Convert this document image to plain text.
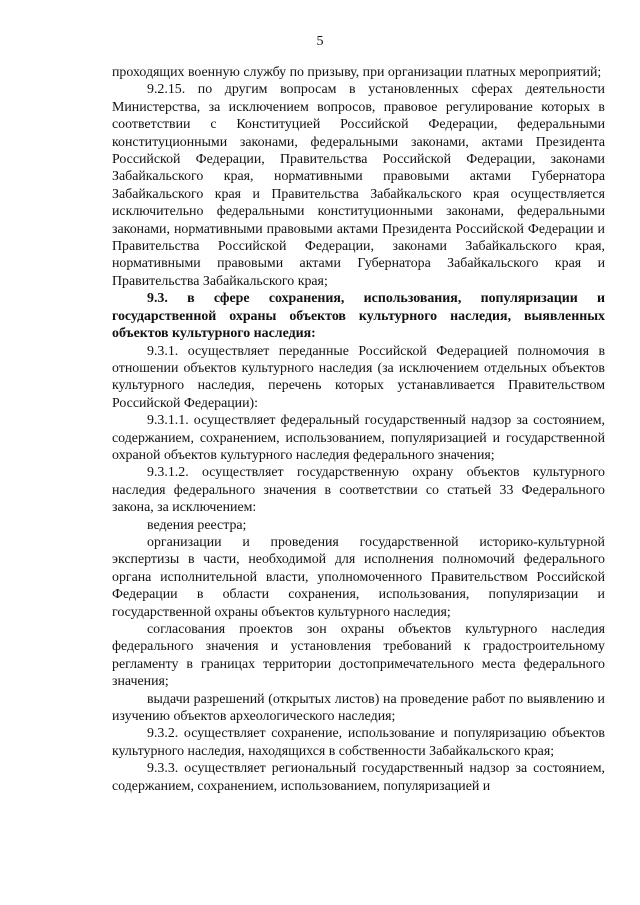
5

проходящих военную службу по призыву, при организации платных мероприятий;

9.2.15. по другим вопросам в установленных сферах деятельности Министерства, за исключением вопросов, правовое регулирование которых в соответствии с Конституцией Российской Федерации, федеральными конституционными законами, федеральными законами, актами Президента Российской Федерации, Правительства Российской Федерации, законами Забайкальского края, нормативными правовыми актами Губернатора Забайкальского края и Правительства Забайкальского края осуществляется исключительно федеральными конституционными законами, федеральными законами, нормативными правовыми актами Президента Российской Федерации и Правительства Российской Федерации, законами Забайкальского края, нормативными правовыми актами Губернатора Забайкальского края и Правительства Забайкальского края;

9.3. в сфере сохранения, использования, популяризации и государственной охраны объектов культурного наследия, выявленных объектов культурного наследия:

9.3.1. осуществляет переданные Российской Федерацией полномочия в отношении объектов культурного наследия (за исключением отдельных объектов культурного наследия, перечень которых устанавливается Правительством Российской Федерации):

9.3.1.1. осуществляет федеральный государственный надзор за состоянием, содержанием, сохранением, использованием, популяризацией и государственной охраной объектов культурного наследия федерального значения;

9.3.1.2. осуществляет государственную охрану объектов культурного наследия федерального значения в соответствии со статьей 33 Федерального закона, за исключением:

ведения реестра;

организации и проведения государственной историко-культурной экспертизы в части, необходимой для исполнения полномочий федерального органа исполнительной власти, уполномоченного Правительством Российской Федерации в области сохранения, использования, популяризации и государственной охраны объектов культурного наследия;

согласования проектов зон охраны объектов культурного наследия федерального значения и установления требований к градостроительному регламенту в границах территории достопримечательного места федерального значения;

выдачи разрешений (открытых листов) на проведение работ по выявлению и изучению объектов археологического наследия;

9.3.2. осуществляет сохранение, использование и популяризацию объектов культурного наследия, находящихся в собственности Забайкальского края;

9.3.3. осуществляет региональный государственный надзор за состоянием, содержанием, сохранением, использованием, популяризацией и
